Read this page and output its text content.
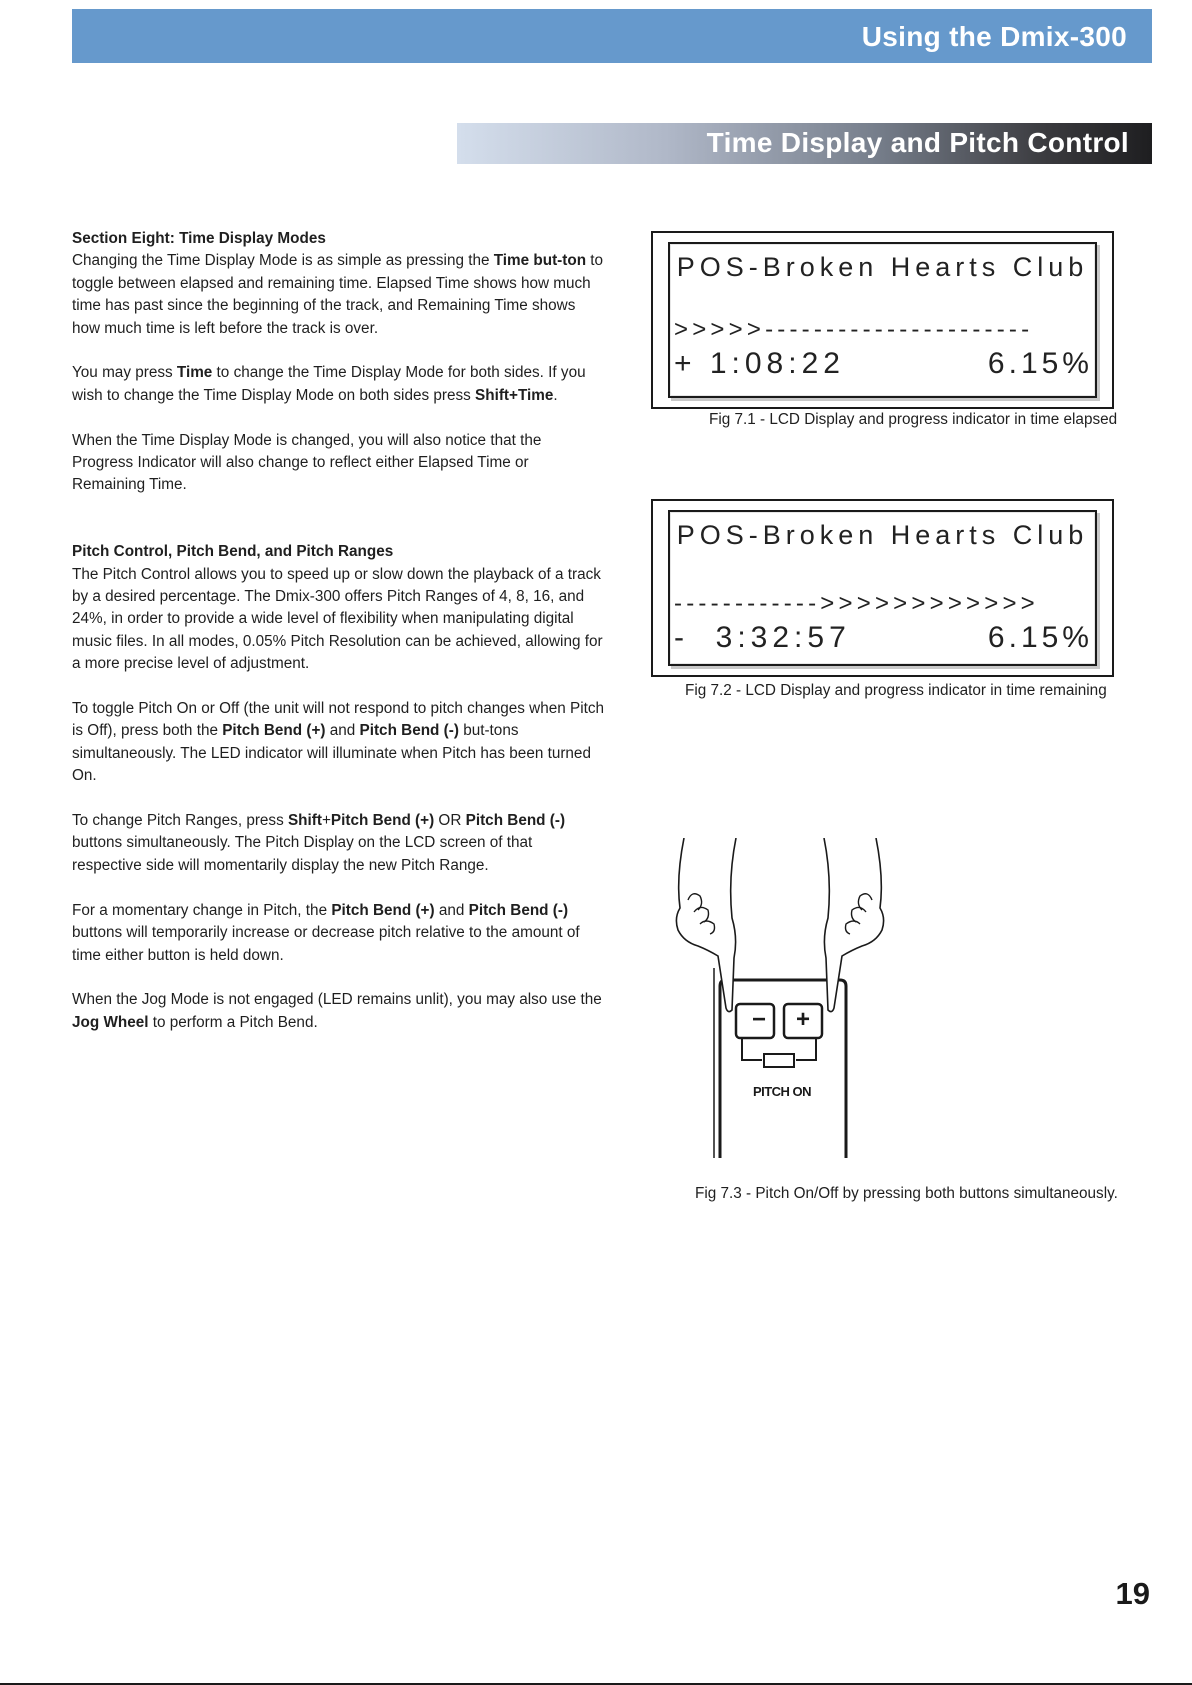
Using the Dmix-300
Time Display and Pitch Control

Section Eight: Time Display Modes
Changing the Time Display Mode is as simple as pressing the Time but-ton to toggle between elapsed and remaining time. Elapsed Time shows how much time has past since the beginning of the track, and Remaining Time shows how much time is left before the track is over.

You may press Time to change the Time Display Mode for both sides. If you wish to change the Time Display Mode on both sides press Shift+Time.

When the Time Display Mode is changed, you will also notice that the Progress Indicator will also change to reflect either Elapsed Time or Remaining Time.

Pitch Control, Pitch Bend, and Pitch Ranges
The Pitch Control allows you to speed up or slow down the playback of a track by a desired percentage. The Dmix-300 offers Pitch Ranges of 4, 8, 16, and 24%, in order to provide a wide level of flexibility when manipulating digital music files. In all modes, 0.05% Pitch Resolution can be achieved, allowing for a more precise level of adjustment.

To toggle Pitch On or Off (the unit will not respond to pitch changes when Pitch is Off), press both the Pitch Bend (+) and Pitch Bend (-) but-tons simultaneously. The LED indicator will illuminate when Pitch has been turned On.

To change Pitch Ranges, press Shift+Pitch Bend (+) OR Pitch Bend (-) buttons simultaneously. The Pitch Display on the LCD screen of that respective side will momentarily display the new Pitch Range.

For a momentary change in Pitch, the Pitch Bend (+) and Pitch Bend (-) buttons will temporarily increase or decrease pitch relative to the amount of time either button is held down.

When the Jog Mode is not engaged (LED remains unlit), you may also use the Jog Wheel to perform a Pitch Bend.

POS-Broken Hearts Club
>>>>>----------------------
+ 1:08:22	6.15%
Fig 7.1 - LCD Display and progress indicator in time elapsed
POS-Broken Hearts Club
------------>>>>>>>>>>>>
-  3:32:57	6.15%
Fig 7.2 - LCD Display and progress indicator in time remaining
−	+
PITCH ON
Fig 7.3 - Pitch On/Off by pressing both buttons simultaneously.
19
